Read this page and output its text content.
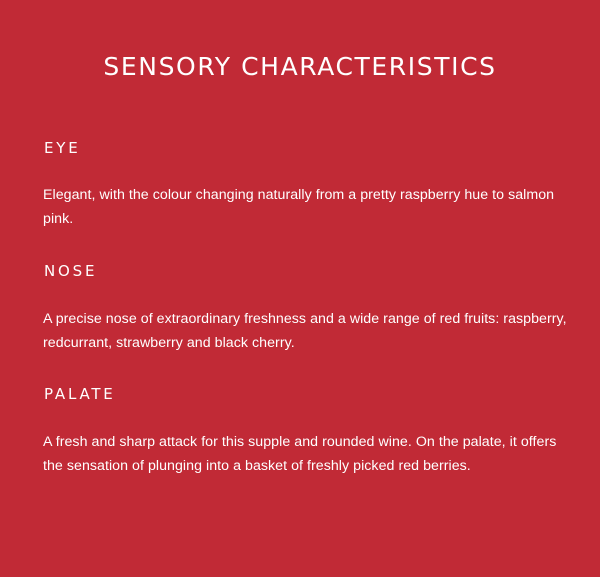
SENSORY CHARACTERISTICS
EYE

Elegant, with the colour changing naturally from a pretty raspberry hue to salmon pink.

NOSE

A precise nose of extraordinary freshness and a wide range of red fruits: raspberry, redcurrant, strawberry and black cherry.

PALATE

A fresh and sharp attack for this supple and rounded wine. On the palate, it offers the sensation of plunging into a basket of freshly picked red berries.
